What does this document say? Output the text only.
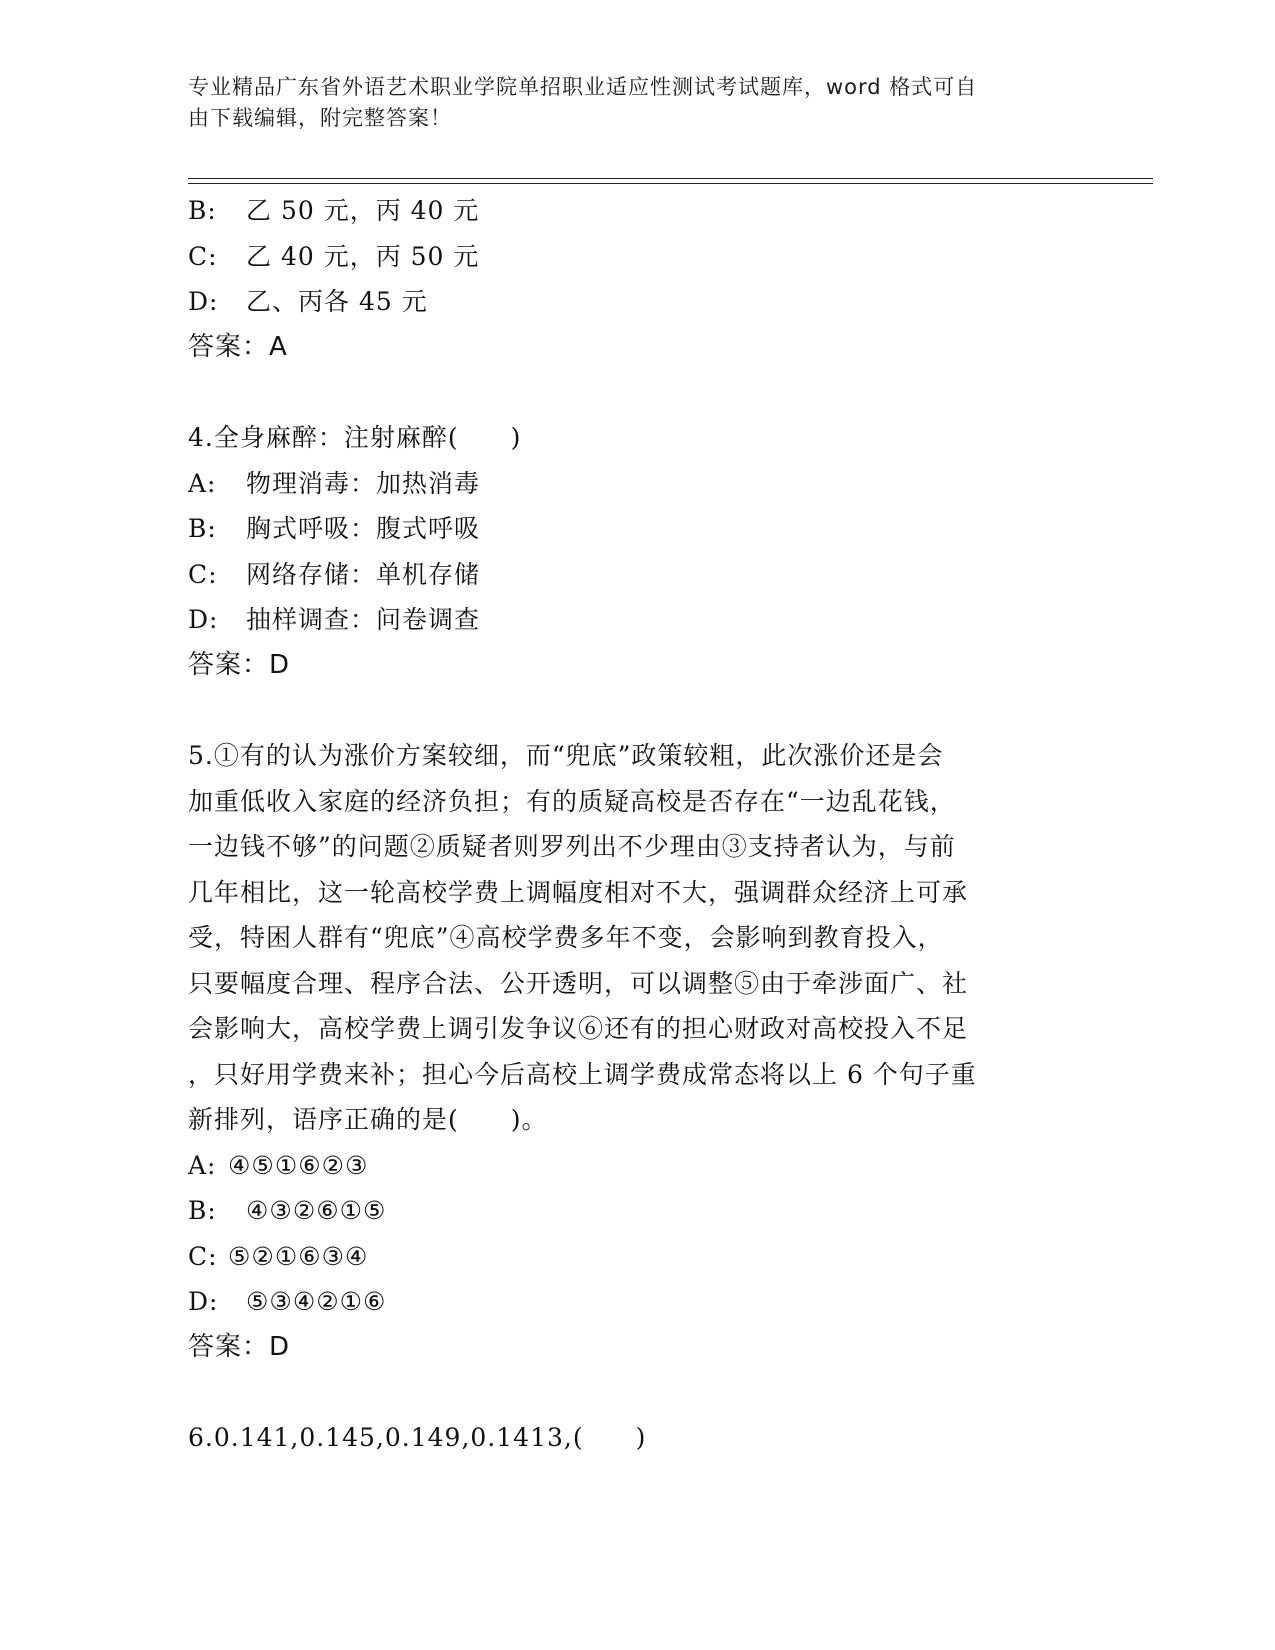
专业精品广东省外语艺术职业学院单招职业适应性测试考试题库，word 格式可自
由下载编辑，附完整答案！
B: 乙 50 元，丙 40 元
C: 乙 40 元，丙 50 元
D: 乙、丙各 45 元
答案：A
4.全身麻醉：注射麻醉(　　)
A: 物理消毒：加热消毒
B: 胸式呼吸：腹式呼吸
C: 网络存储：单机存储
D: 抽样调查：问卷调查
答案：D
5.①有的认为涨价方案较细，而“兜底”政策较粗，此次涨价还是会
加重低收入家庭的经济负担；有的质疑高校是否存在“一边乱花钱，
一边钱不够”的问题②质疑者则罗列出不少理由③支持者认为，与前
几年相比，这一轮高校学费上调幅度相对不大，强调群众经济上可承
受，特困人群有“兜底”④高校学费多年不变，会影响到教育投入，
只要幅度合理、程序合法、公开透明，可以调整⑤由于牵涉面广、社
会影响大，高校学费上调引发争议⑥还有的担心财政对高校投入不足
，只好用学费来补；担心今后高校上调学费成常态将以上 6 个句子重
新排列，语序正确的是(　　)。
A: ④⑤①⑥②③
B: ④③②⑥①⑤
C: ⑤②①⑥③④
D: ⑤③④②①⑥
答案：D
6.0.141,0.145,0.149,0.1413,(　　)
